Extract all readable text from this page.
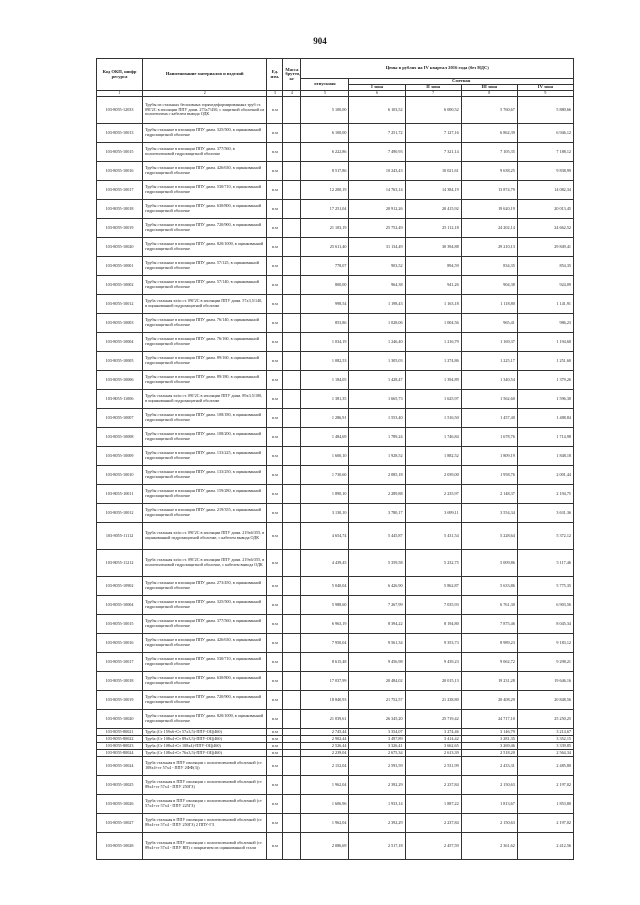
904
Код ОКП, шифр ресурса	Наименование материалов и изделий	Ед. изм.	Масса брутто, кг	Цены в рублях на IV квартал 2016 года (без НДС)				
				отпускная	Сметная			
					I зона	II зона	III зона	IV зона
1	2	3	4	5	6	7	8	9
103-8055-12033	Трубы из стальных бесшовных горячедеформированных труб ст. 09Г2С в изоляции ППУ диам. 273х7/450, с защитной оболочкой из полиэтилена с кабелем вывода ОДК	п.м		5 100,00	6 103,52	6 000,52	5 760,67	5 880,66
103-8055-10013	Трубы стальные в изоляции ППУ диам. 325/500, в оцинкованной гидрозащитной оболочке	п.м		6 100,00	7 251,72	7 127,16	6 862,39	6 946,12
103-8055-10015	Трубы стальные в изоляции ППУ диам. 377/560, в полиэтиленовой гидрозащитной оболочке	п.м		6 222,86	7 490,93	7 321,14	7 105,35	7 188,12
103-8055-10016	Трубы стальные в изоляции ППУ диам. 426/630, в оцинкованной гидрозащитной оболочке	п.м		8 517,86	10 243,43	10 021,61	9 638,25	9 838,99
103-8055-10017	Трубы стальные в изоляции ППУ диам. 530/710, в оцинкованной гидрозащитной оболочке	п.м		12 200,19	14 763,14	14 384,19	13 874,79	14 082,34
103-8055-10018	Трубы стальные в изоляции ППУ диам. 630/800, в оцинкованной гидрозащитной оболочке	п.м		17 251,04	20 912,26	20 415,92	19 620,19	20 013,45
103-8055-10019	Трубы стальные в изоляции ППУ диам. 720/900, в оцинкованной гидрозащитной оболочке	п.м		21 103,19	25 752,49	25 112,18	24 202,14	24 662,52
103-8055-10020	Трубы стальные в изоляции ППУ диам. 820/1000, в оцинкованной гидрозащитной оболочке	п.м		25 611,40	31 134,49	30 394,88	29 210,13	29 849,41
103-8055-10001	Трубы стальные в изоляции ППУ диам. 57/125, в оцинкованной гидрозащитной оболочке	п.м		778,07	903,52	894,59	834,35	854,35
103-8055-10002	Трубы стальные в изоляции ППУ диам. 57/140, в оцинкованной гидрозащитной оболочке	п.м		800,00	964,38	941,26	904,38	924,09
103-8055-10012	Труба стальная эл/ш ст. 09Г2С в изоляции ППУ диам. 57х3,5/140, в оцинкованной гидрозащитной оболочке	п.м		998,54	1 198,43	1 163,18	1 118,80	1 141,91
103-8055-10003	Трубы стальные в изоляции ППУ диам. 76/140, в оцинкованной гидрозащитной оболочке	п.м		853,86	1 028,06	1 004,56	965,41	986,23
103-8055-10004	Трубы стальные в изоляции ППУ диам. 76/160, в оцинкованной гидрозащитной оболочке	п.м		1 034,19	1 246,40	1 216,79	1 169,37	1 194,60
103-8055-10005	Трубы стальные в изоляции ППУ диам. 89/160, в оцинкованной гидрозащитной оболочке	п.м		1 082,53	1 305,03	1 274,86	1 225,17	1 251,60
103-8055-10006	Трубы стальные в изоляции ППУ диам. 89/180, в оцинкованной гидрозащитной оболочке	п.м		1 184,05	1 428,47	1 394,89	1 340,54	1 379,26
103-8055-11006	Труба стальная эл/ш ст. 09Г2С в изоляции ППУ диам. 89х3,5/180, в оцинкованной гидрозащитной оболочке	п.м		1 381,35	1 665,73	1 625,97	1 562,60	1 596,30
103-8055-10007	Трубы стальные в изоляции ППУ диам. 108/180, в оцинкованной гидрозащитной оболочке	п.м		1 286,91	1 553,40	1 516,50	1 457,40	1 488,84
103-8055-10008	Трубы стальные в изоляции ППУ диам. 108/200, в оцинкованной гидрозащитной оболочке	п.м		1 484,69	1 789,24	1 746,84	1 678,76	1 714,98
103-8055-10009	Трубы стальные в изоляции ППУ диам. 133/225, в оцинкованной гидрозащитной оболочке	п.м		1 600,10	1 928,52	1 882,52	1 809,19	1 848,18
103-8055-10010	Трубы стальные в изоляции ППУ диам. 133/250, в оцинкованной гидрозащитной оболочке	п.м		1 730,60	2 085,18	2 039,00	1 958,76	2 001,44
103-8055-10011	Трубы стальные в изоляции ППУ диам. 159/280, в оцинкованной гидрозащитной оболочке	п.м		1 890,10	2 289,88	2 235,97	2 148,37	2 194,75
103-8055-10012	Трубы стальные в изоляции ППУ диам. 219/355, в оцинкованной гидрозащитной оболочке	п.м		3 130,10	3 780,17	3 699,11	3 554,34	3 631,36
103-8055-11112	Труба стальная эл/ш ст. 09Г2С в изоляции ППУ диам. 219х6/355, в оцинкованной гидрозащитной оболочке, с кабелем вывода ОДК	п.м		4 654,74	5 445,87	5 431,54	5 228,64	5 372,12
103-8055-11212	Труба стальная эл/ш ст. 09Г2С в изоляции ППУ диам. 219х6/355, в полиэтиленовой гидрозащитной оболочке, с кабелем вывода ОДК	п.м		4 439,45	5 359,58	5 232,75	5 009,86	5 117,46
103-8055-10902	Трубы стальные в изоляции ППУ диам. 273/450, в оцинкованной гидрозащитной оболочке	п.м		5 040,04	6 426,90	5 862,87	5 633,86	5 775,35
103-8055-10004	Трубы стальные в изоляции ППУ диам. 325/500, в оцинкованной гидрозащитной оболочке	п.м		5 988,60	7 267,99	7 035,93	6 761,30	6 903,56
103-8055-10015	Трубы стальные в изоляции ППУ диам. 377/560, в оцинкованной гидрозащитной оболочке	п.м		6 963,19	8 394,22	8 194,80	7 875,46	8 045,34
103-8055-10016	Трубы стальные в изоляции ППУ диам. 426/630, в оцинкованной гидрозащитной оболочке	п.м		7 950,04	9 561,34	9 353,73	8 989,23	9 183,12
103-8055-10017	Трубы стальные в изоляции ППУ диам. 530/710, в оцинкованной гидрозащитной оболочке	п.м		8 615,48	9 456,98	9 439,23	9 062,72	9 298,21
103-8055-10018	Трубы стальные в изоляции ППУ диам. 630/800, в оцинкованной гидрозащитной оболочке	п.м		17 037,99	20 484,02	20 015,13	19 231,28	19 646,16
103-8055-10019	Трубы стальные в изоляции ППУ диам. 720/900, в оцинкованной гидрозащитной оболочке	п.м		18 840,93	21 752,57	21 238,80	20 408,29	20 848,56
103-8055-10020	Трубы стальные в изоляции ППУ диам. 820/1000, в оцинкованной гидрозащитной оболочке	п.м		21 039,61	26 345,20	25 719,42	24 717,10	25 250,25
103-8055-80021	Труба (Ст 159х6+Ст 57х3,5)-ППУ-ОЦ(460)	п.м		2 745,44	3 354,07	3 274,46	3 146,79	3 214,67
103-8055-80022	Труба (Ст 108х4+Ст 89х3,5)-ППУ-ОЦ(460)	п.м		2 902,44	3 497,89	3 414,42	3 281,35	3 352,15
103-8055-80023	Труба (Ст 108х4+Ст 108х4)-ППУ-ОЦ(460)	п.м		2 526,44	3 326,41	3 662,65	3 269,46	3 339,85
103-8055-80024	Труба (Ст 108х4+Ст 76х3,5)-ППУ-ОЦ(460)	п.м		2 239,04	2 675,34	2 613,39	2 518,20	2 564,34
103-8055-10024	Труба стальная в ППУ изоляции с полиэтиленовой оболочкой (ст 108х4+ст 57х4 - ППУ 2ФФ(3))	п.м		2 152,04	2 593,59	2 531,99	2 433,31	2 485,80
103-8055-10025	Труба стальная в ППУ изоляции с полиэтиленовой оболочкой (ст 89х4+ст 57х4 - ППУ 250ГЗ)	п.м		1 962,04	2 392,29	2 237,84	2 150,63	2 197,02
103-8055-10026	Труба стальная в ППУ изоляции с полиэтиленовой оболочкой (ст 57х4+ст 57х4 - ППУ 225ГЗ)	п.м		1 606,96	1 933,14	1 887,22	1 813,67	1 853,80
103-8055-10027	Труба стальная в ППУ изоляции с полиэтиленовой оболочкой (ст 89х4+ст 57х4 - ППУ 250ГЗ) 2 ППУ-ГЗ	п.м		1 962,04	2 392,29	2 237,84	2 150,63	2 197,02
103-8055-10028	Труба стальная в ППУ изоляции с полиэтиленовой оболочкой (ст 89х4+ст 57х4 - ППУ ВП) с покрытием из оцинкованной стали	п.м		2 086,69	2 517,18	2 457,59	2 361,62	2 412,56
